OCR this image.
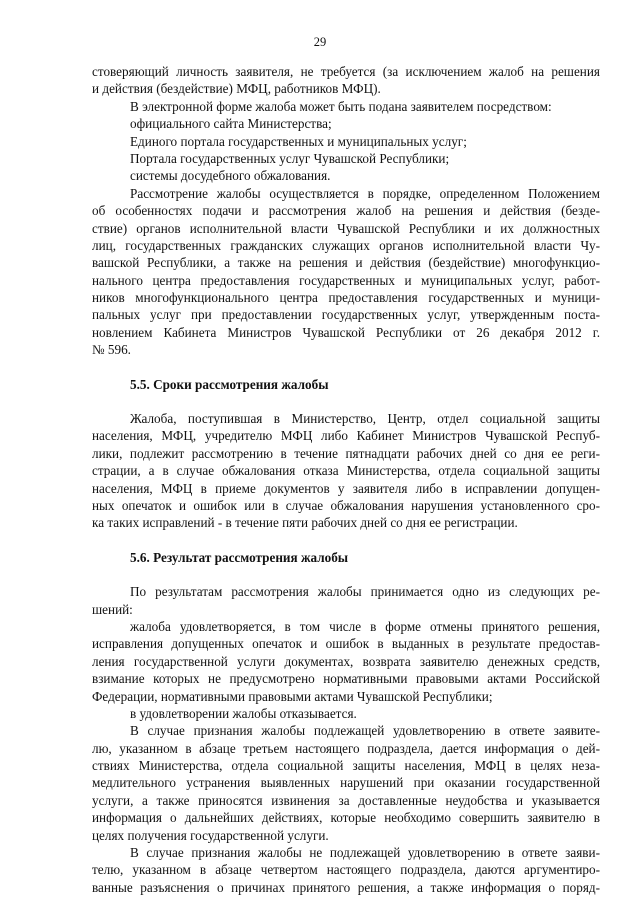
29
стоверяющий личность заявителя, не требуется (за исключением жалоб на решения
и действия (бездействие) МФЦ, работников МФЦ).
В электронной форме жалоба может быть подана заявителем посредством:
официального сайта Министерства;
Единого портала государственных и муниципальных услуг;
Портала государственных услуг Чувашской Республики;
системы досудебного обжалования.
Рассмотрение жалобы осуществляется в порядке, определенном Положением
об особенностях подачи и рассмотрения жалоб на решения и действия (безде-
ствие) органов исполнительной власти Чувашской Республики и их должностных
лиц, государственных гражданских служащих органов исполнительной власти Чу-
вашской Республики, а также на решения и действия (бездействие) многофункцио-
нального центра предоставления государственных и муниципальных услуг, работ-
ников многофункционального центра предоставления государственных и муници-
пальных услуг при предоставлении государственных услуг, утвержденным поста-
новлением Кабинета Министров Чувашской Республики от 26 декабря 2012 г.
№ 596.
5.5. Сроки рассмотрения жалобы
Жалоба, поступившая в Министерство, Центр, отдел социальной защиты
населения, МФЦ, учредителю МФЦ либо Кабинет Министров Чувашской Респуб-
лики, подлежит рассмотрению в течение пятнадцати рабочих дней со дня ее реги-
страции, а в случае обжалования отказа Министерства, отдела социальной защиты
населения, МФЦ в приеме документов у заявителя либо в исправлении допущен-
ных опечаток и ошибок или в случае обжалования нарушения установленного сро-
ка таких исправлений - в течение пяти рабочих дней со дня ее регистрации.
5.6. Результат рассмотрения жалобы
По результатам рассмотрения жалобы принимается одно из следующих ре-
шений:
жалоба удовлетворяется, в том числе в форме отмены принятого решения,
исправления допущенных опечаток и ошибок в выданных в результате предостав-
ления государственной услуги документах, возврата заявителю денежных средств,
взимание которых не предусмотрено нормативными правовыми актами Российской
Федерации, нормативными правовыми актами Чувашской Республики;
в удовлетворении жалобы отказывается.
В случае признания жалобы подлежащей удовлетворению в ответе заявите-
лю, указанном в абзаце третьем настоящего подраздела, дается информация о дей-
ствиях Министерства, отдела социальной защиты населения, МФЦ в целях неза-
медлительного устранения выявленных нарушений при оказании государственной
услуги, а также приносятся извинения за доставленные неудобства и указывается
информация о дальнейших действиях, которые необходимо совершить заявителю в
целях получения государственной услуги.
В случае признания жалобы не подлежащей удовлетворению в ответе заяви-
телю, указанном в абзаце четвертом настоящего подраздела, даются аргументиро-
ванные разъяснения о причинах принятого решения, а также информация о поряд-
